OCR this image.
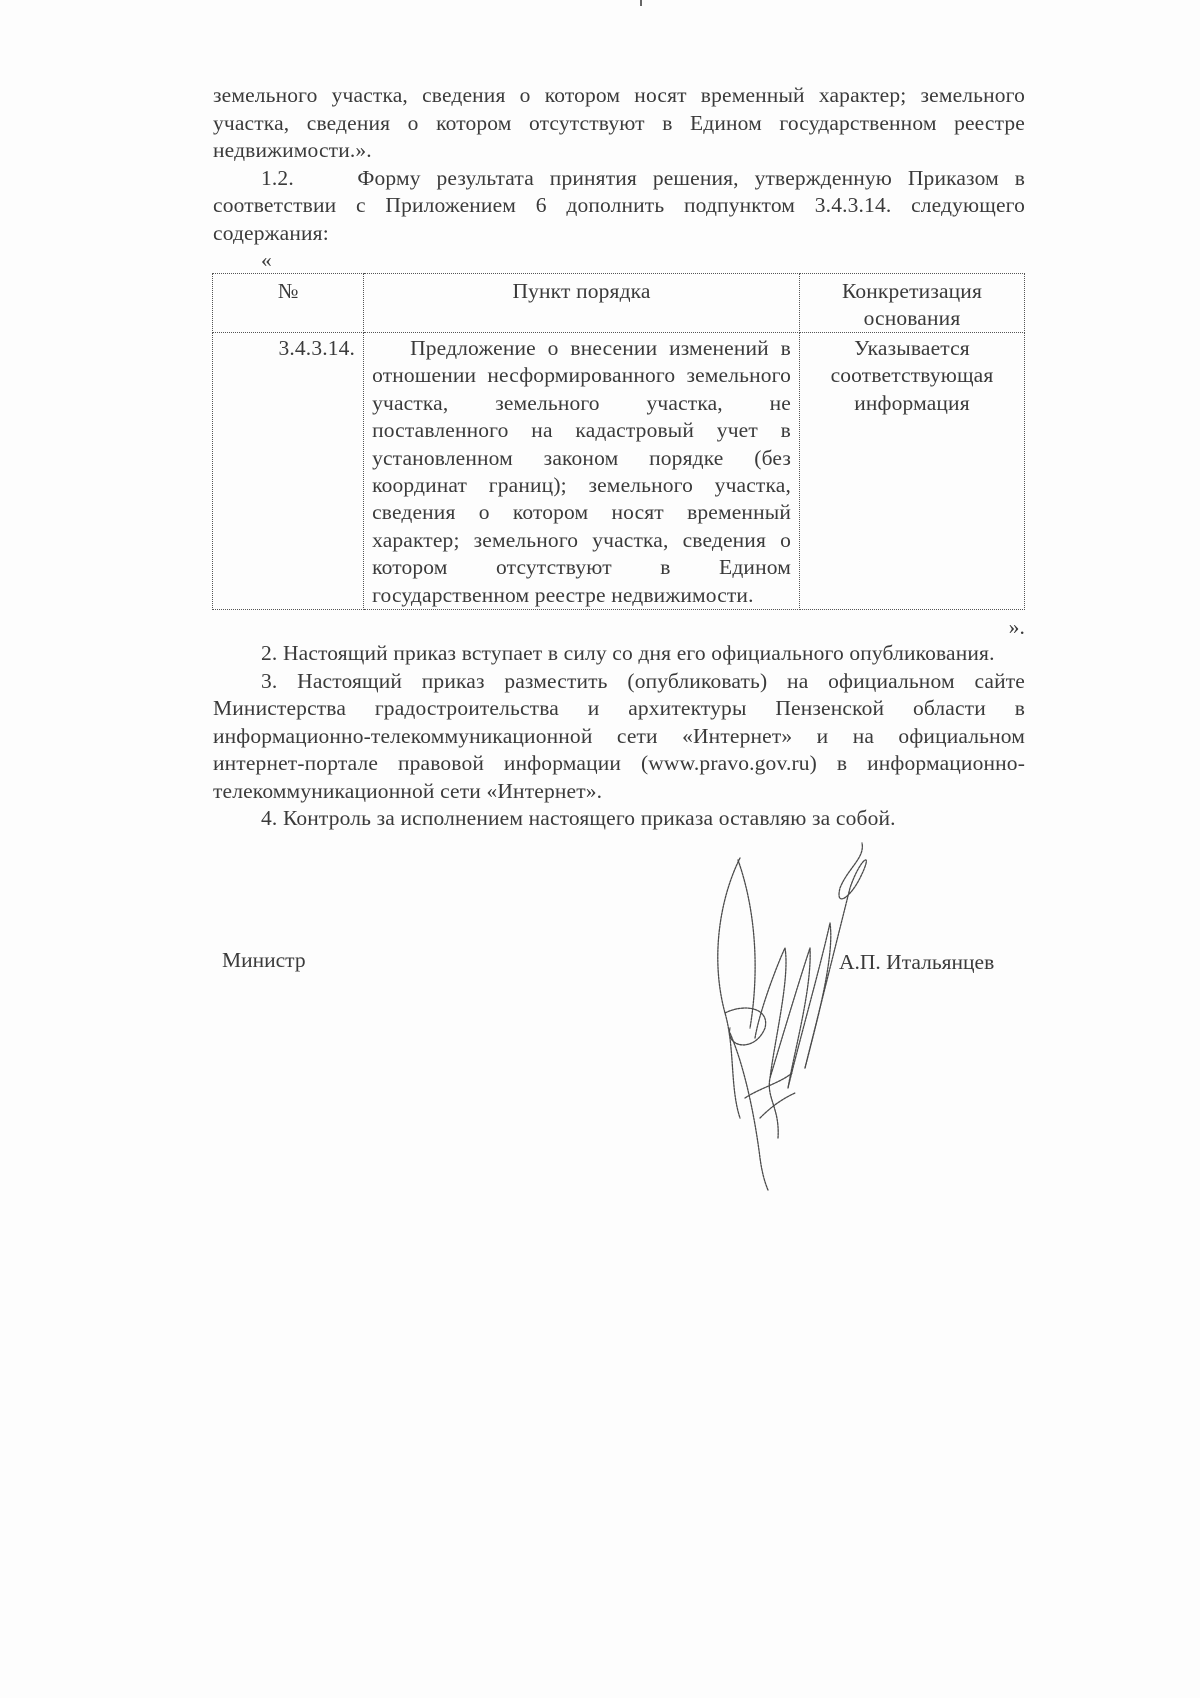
земельного участка, сведения о котором носят временный характер; земельного участка, сведения о котором отсутствуют в Едином государственном реестре недвижимости.».

1.2.    Форму результата принятия решения, утвержденную Приказом в соответствии с Приложением 6 дополнить подпунктом 3.4.3.14. следующего содержания:

«

№	Пункт порядка	Конкретизация основания
3.4.3.14.	Предложение о внесении изменений в отношении несформированного земельного участка, земельного участка, не поставленного на кадастровый учет в установленном законом порядке (без координат границ); земельного участка, сведения о котором носят временный характер; земельного участка, сведения о котором отсутствуют в Едином государственном реестре недвижимости.	Указывается соответствующая информация

».

2. Настоящий приказ вступает в силу со дня его официального опубликования.

3. Настоящий приказ разместить (опубликовать) на официальном сайте Министерства градостроительства и архитектуры Пензенской области в информационно-телекоммуникационной сети «Интернет» и на официальном интернет-портале правовой информации (www.pravo.gov.ru) в информационно-телекоммуникационной сети «Интернет».

4. Контроль за исполнением настоящего приказа оставляю за собой.

Министр	А.П. Итальянцев
